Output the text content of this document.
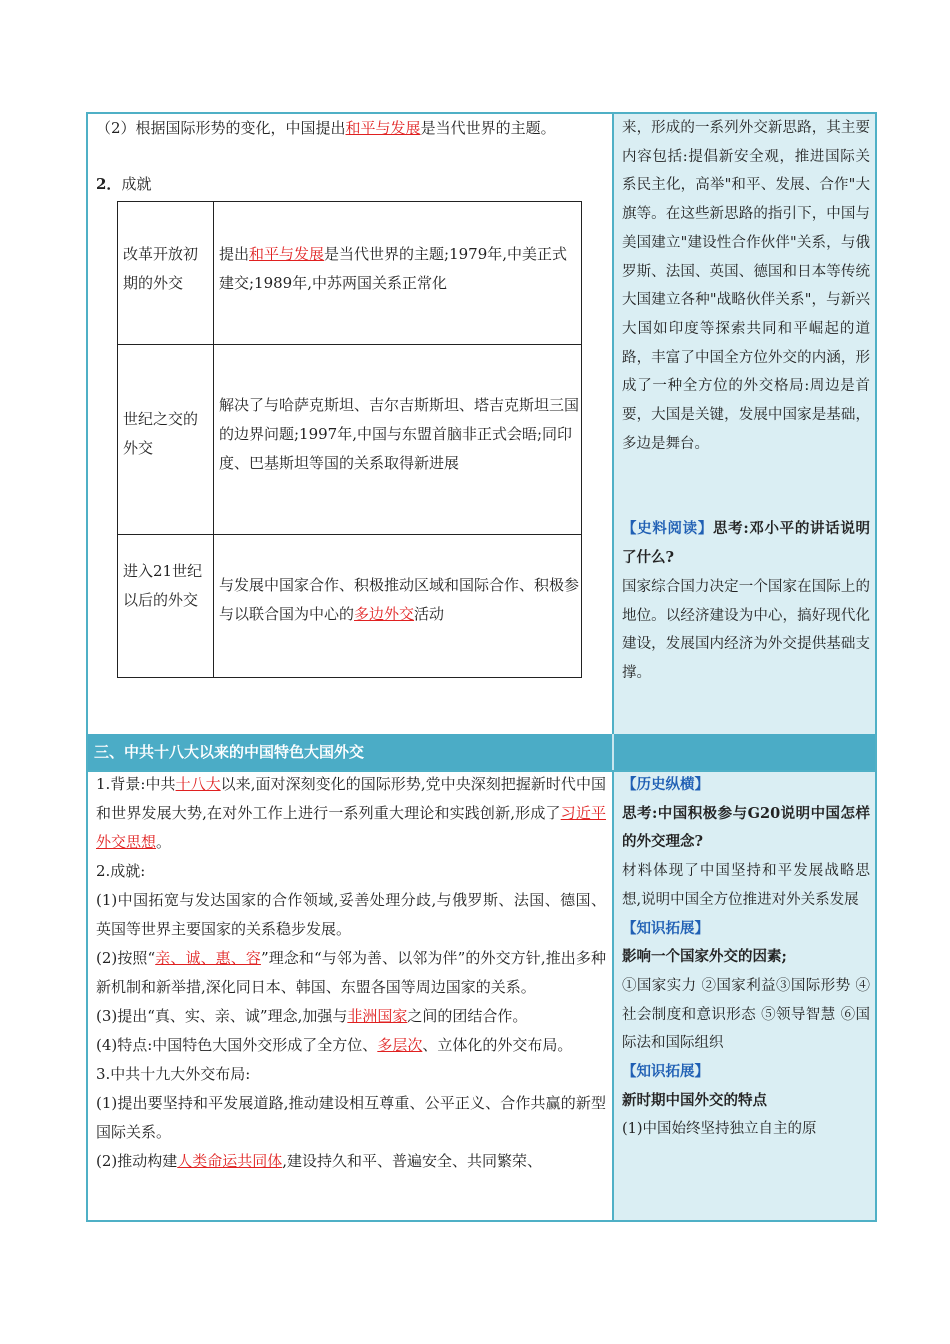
（2）根据国际形势的变化，中国提出和平与发展是当代世界的主题。
2．成就
改革开放初期的外交
提出和平与发展是当代世界的主题;1979年,中美正式建交;1989年,中苏两国关系正常化
世纪之交的外交
解决了与哈萨克斯坦、吉尔吉斯斯坦、塔吉克斯坦三国的边界问题;1997年,中国与东盟首脑非正式会晤;同印度、巴基斯坦等国的关系取得新进展
进入21世纪以后的外交
与发展中国家合作、积极推动区域和国际合作、积极参与以联合国为中心的多边外交活动
来，形成的一系列外交新思路，其主要内容包括:提倡新安全观，推进国际关系民主化，高举"和平、发展、合作"大旗等。在这些新思路的指引下，中国与美国建立"建设性合作伙伴"关系，与俄罗斯、法国、英国、德国和日本等传统大国建立各种"战略伙伴关系"，与新兴大国如印度等探索共同和平崛起的道路，丰富了中国全方位外交的内涵，形成了一种全方位的外交格局:周边是首要，大国是关键，发展中国家是基础，多边是舞台。
【史料阅读】思考:邓小平的讲话说明了什么?
国家综合国力决定一个国家在国际上的地位。以经济建设为中心，搞好现代化建设，发展国内经济为外交提供基础支撑。
三、中共十八大以来的中国特色大国外交
1.背景:中共十八大以来,面对深刻变化的国际形势,党中央深刻把握新时代中国和世界发展大势,在对外工作上进行一系列重大理论和实践创新,形成了习近平外交思想。
2.成就:
(1)中国拓宽与发达国家的合作领域,妥善处理分歧,与俄罗斯、法国、德国、英国等世界主要国家的关系稳步发展。
(2)按照“亲、诚、惠、容”理念和“与邻为善、以邻为伴”的外交方针,推出多种新机制和新举措,深化同日本、韩国、东盟各国等周边国家的关系。
(3)提出“真、实、亲、诚”理念,加强与非洲国家之间的团结合作。
(4)特点:中国特色大国外交形成了全方位、多层次、立体化的外交布局。
3.中共十九大外交布局:
(1)提出要坚持和平发展道路,推动建设相互尊重、公平正义、合作共赢的新型国际关系。
(2)推动构建人类命运共同体,建设持久和平、普遍安全、共同繁荣、
【历史纵横】
思考:中国积极参与G20说明中国怎样的外交理念?
材料体现了中国坚持和平发展战略思想,说明中国全方位推进对外关系发展
【知识拓展】
影响一个国家外交的因素;
①国家实力 ②国家利益③国际形势 ④社会制度和意识形态 ⑤领导智慧 ⑥国际法和国际组织
【知识拓展】
新时期中国外交的特点
(1)中国始终坚持独立自主的原
